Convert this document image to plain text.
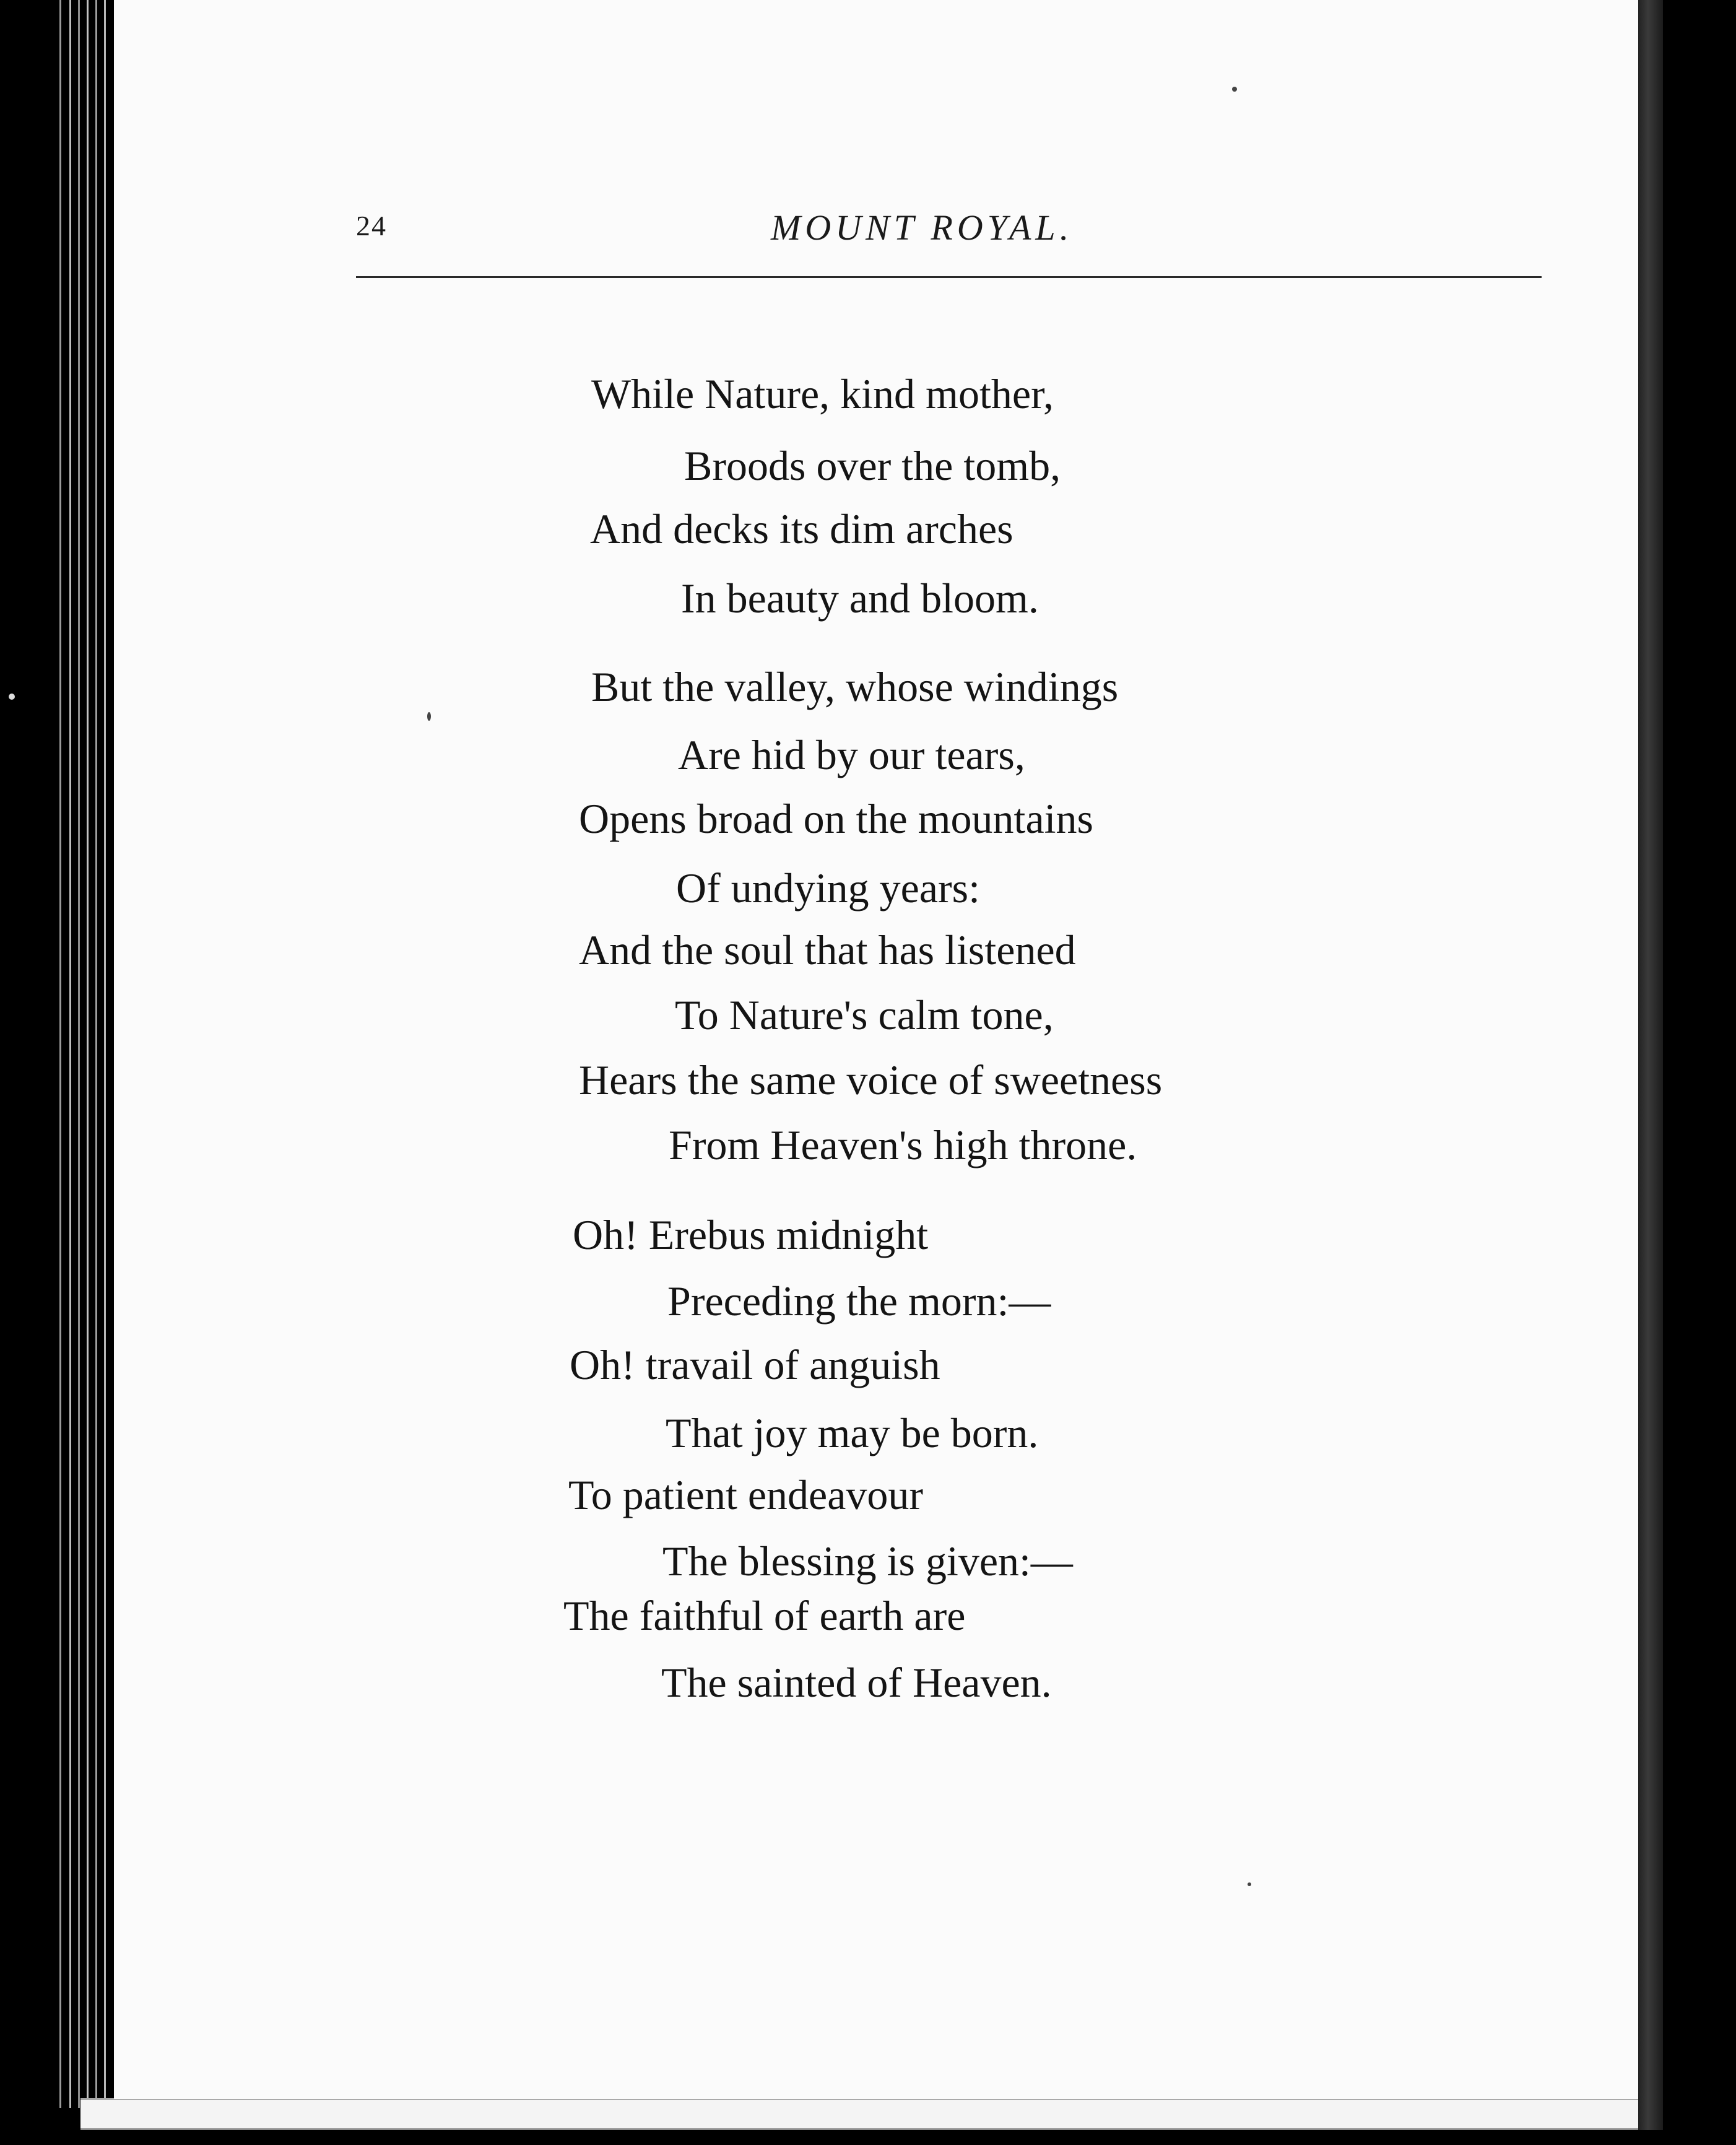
24	MOUNT ROYAL.
While Nature, kind mother,
Broods over the tomb,
And decks its dim arches
In beauty and bloom.
But the valley, whose windings
Are hid by our tears,
Opens broad on the mountains
Of undying years:
And the soul that has listened
To Nature's calm tone,
Hears the same voice of sweetness
From Heaven's high throne.
Oh! Erebus midnight
Preceding the morn:—
Oh! travail of anguish
That joy may be born.
To patient endeavour
The blessing is given:—
The faithful of earth are
The sainted of Heaven.
